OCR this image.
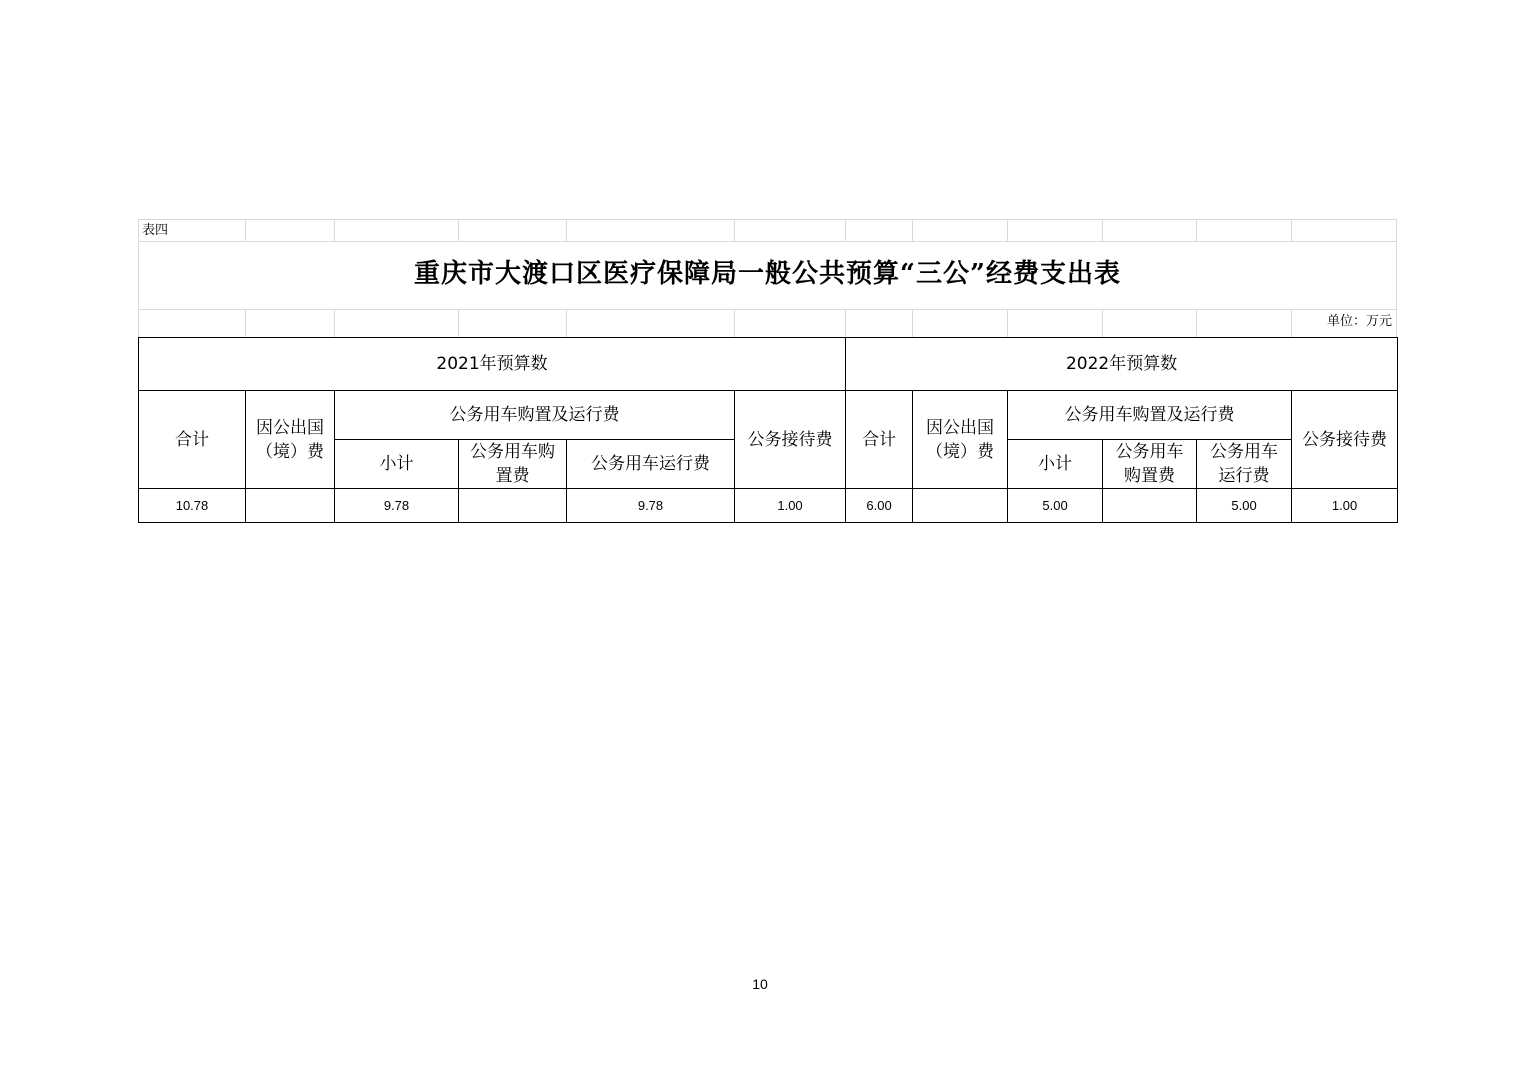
表四
重庆市大渡口区医疗保障局一般公共预算“三公”经费支出表
单位：万元
2021年预算数						2022年预算数					
合计	因公出国（境）费	公务用车购置及运行费			公务接待费	合计	因公出国（境）费	公务用车购置及运行费			公务接待费
		小计	公务用车购置费	公务用车运行费				小计	公务用车购置费	公务用车运行费	
10.78		9.78		9.78	1.00	6.00		5.00		5.00	1.00
10
